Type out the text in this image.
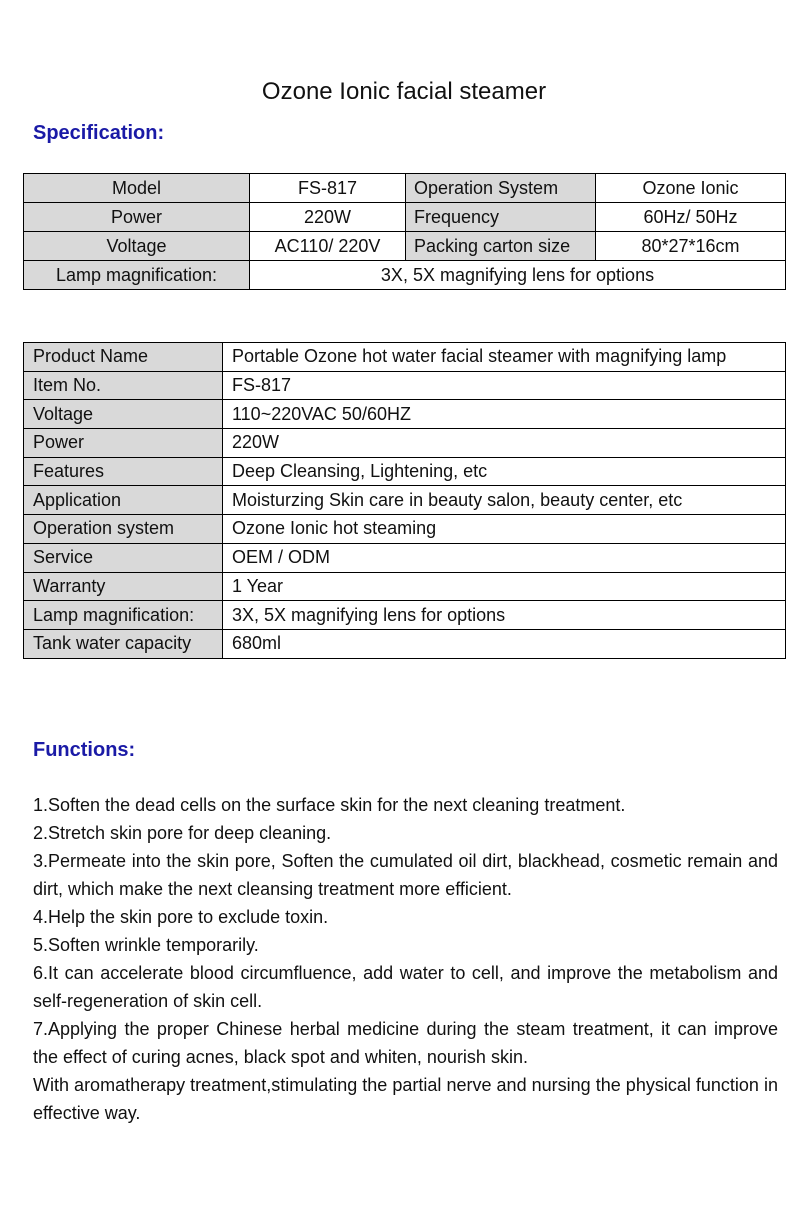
Ozone Ionic facial steamer
Specification:
Model	FS-817	Operation System	Ozone Ionic
Power	220W	Frequency	60Hz/ 50Hz
Voltage	AC110/ 220V	Packing carton size	80*27*16cm
Lamp magnification:	3X, 5X magnifying lens for options		
Product Name	Portable Ozone hot water facial steamer with magnifying lamp
Item No.	FS-817
Voltage	110~220VAC 50/60HZ
Power	220W
Features	Deep Cleansing, Lightening, etc
Application	Moisturzing Skin care in beauty salon, beauty center, etc
Operation system	Ozone Ionic hot steaming
Service	OEM / ODM
Warranty	1 Year
Lamp magnification:	3X, 5X magnifying lens for options
Tank water capacity	680ml
Functions:

1.Soften the dead cells on the surface skin for the next cleaning treatment.

2.Stretch skin pore for deep cleaning.

3.Permeate into the skin pore, Soften the cumulated oil dirt, blackhead, cosmetic remain and dirt, which make the next cleansing treatment more efficient.

4.Help the skin pore to exclude toxin.

5.Soften wrinkle temporarily.

6.It can accelerate blood circumfluence, add water to cell, and improve the metabolism and self-regeneration of skin cell.

7.Applying the proper Chinese herbal medicine during the steam treatment, it can improve the effect of curing acnes, black spot and whiten, nourish skin.

With aromatherapy treatment,stimulating the partial nerve and nursing the physical function in effective way.
